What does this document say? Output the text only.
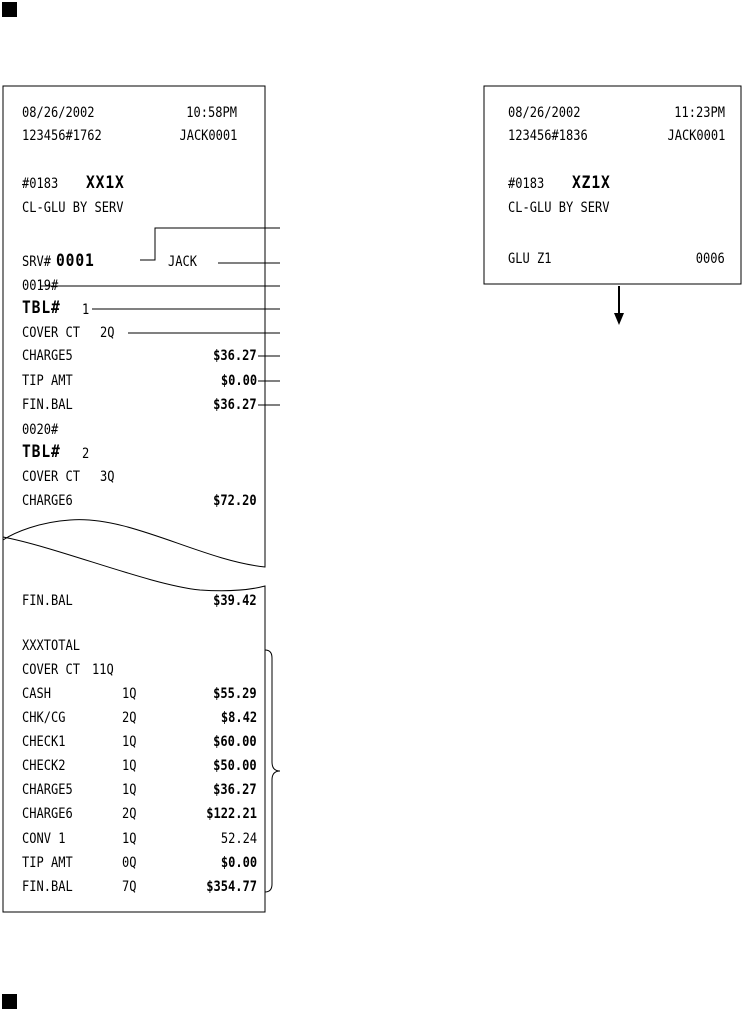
08/26/2002	10:58PM
123456#1762	JACK0001
#0183 XX1X
CL-GLU BY SERV
SRV# 0001	JACK
0019#
TBL# 1
COVER CT 2Q
CHARGE5	$36.27
TIP AMT	$0.00
FIN.BAL	$36.27
0020#
TBL# 2
COVER CT 3Q
CHARGE6	$72.20
FIN.BAL	$39.42
XXXTOTAL
COVER CT 11Q
CASH	1Q	$55.29
CHK/CG	2Q	$8.42
CHECK1	1Q	$60.00
CHECK2	1Q	$50.00
CHARGE5	1Q	$36.27
CHARGE6	2Q	$122.21
CONV 1	1Q	52.24
TIP AMT	0Q	$0.00
FIN.BAL	7Q	$354.77
08/26/2002	11:23PM
123456#1836	JACK0001
#0183 XZ1X
CL-GLU BY SERV
GLU Z1	0006
